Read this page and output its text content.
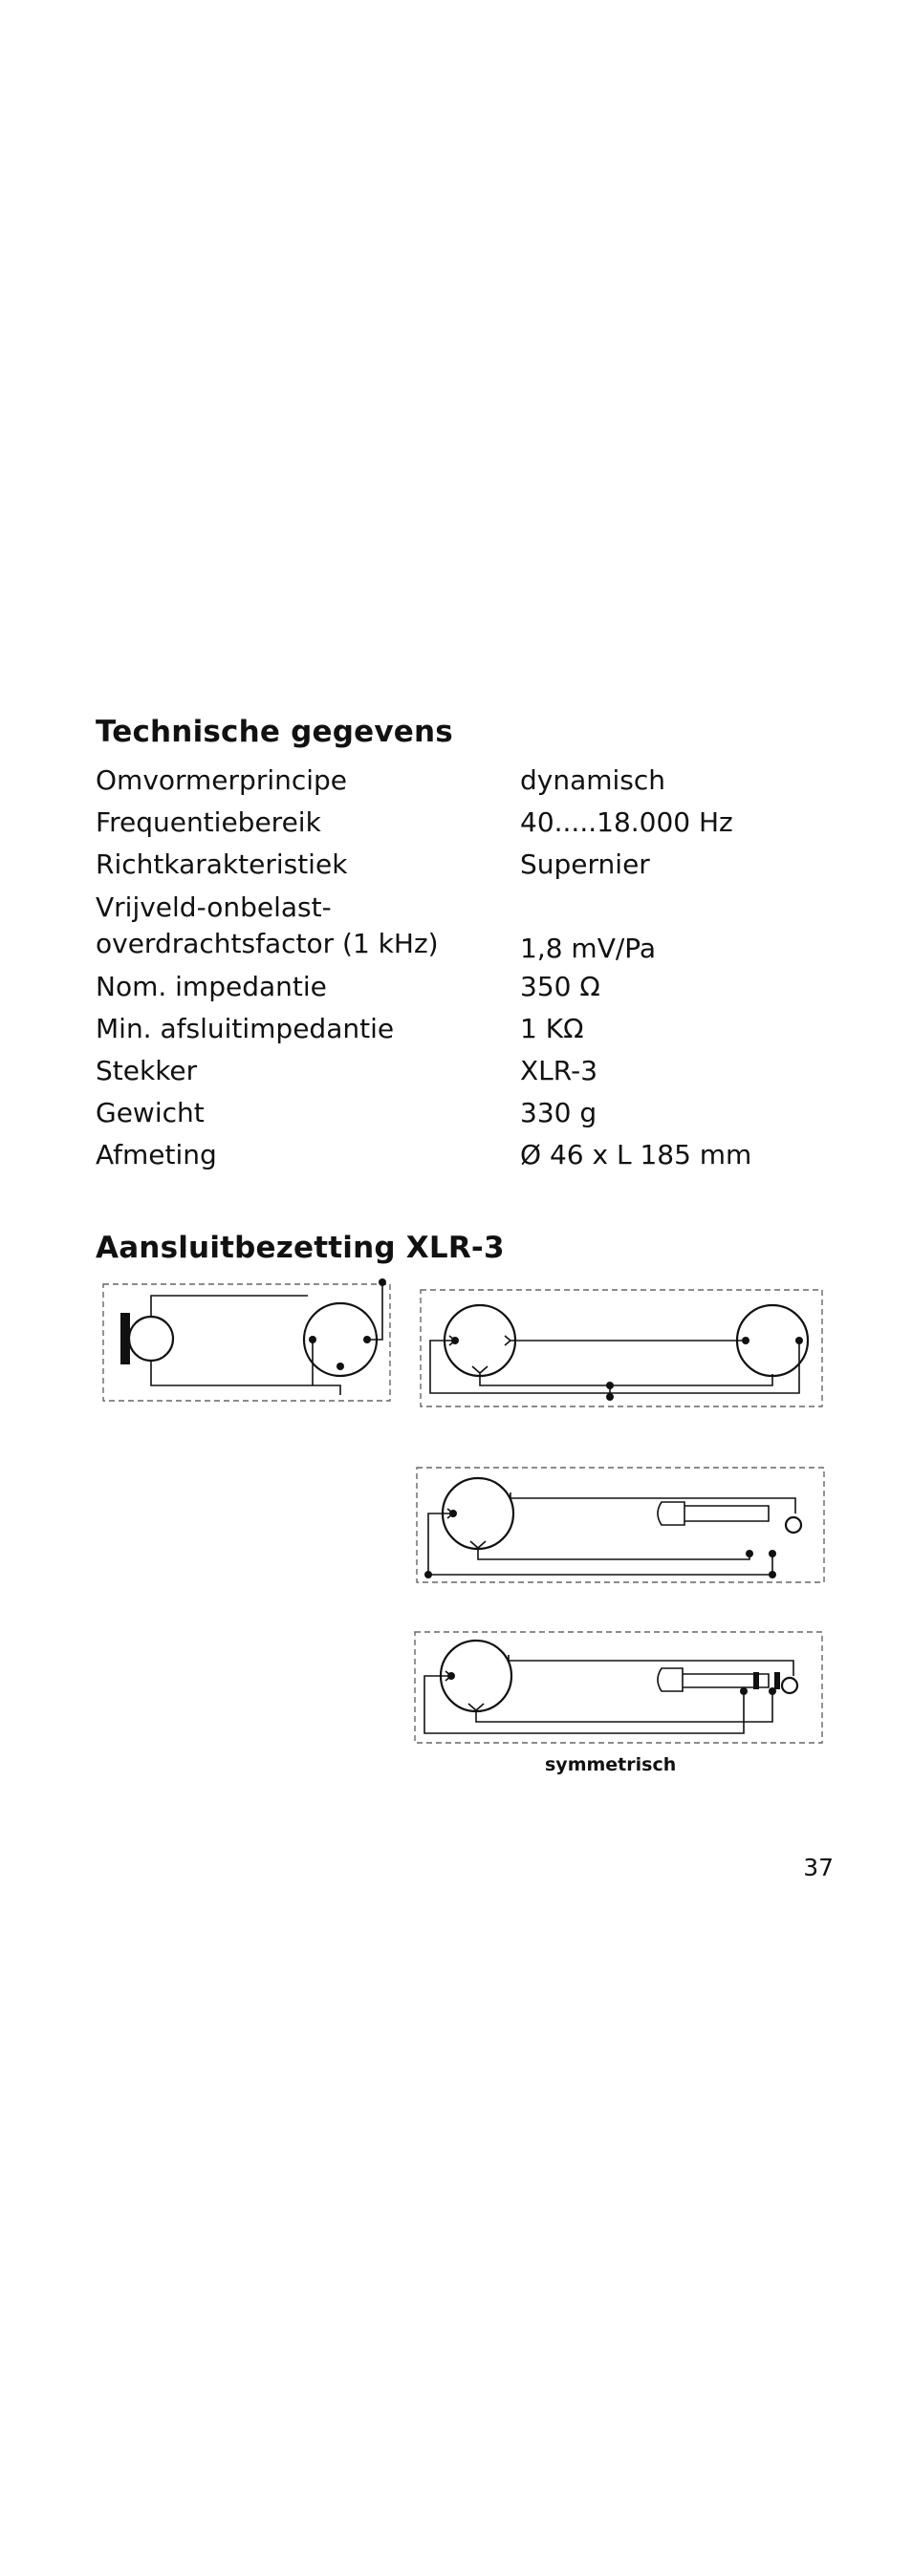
Technische gegevens
Omvormerprincipe	dynamisch
Frequentiebereik	40.....18.000 Hz
Richtkarakteristiek	Supernier
Vrijveld-onbelast-
overdrachtsfactor (1 kHz)	1,8 mV/Pa
Nom. impedantie	350 Ω
Min. afsluitimpedantie	1 KΩ
Stekker	XLR-3
Gewicht	330 g
Afmeting	Ø 46 x L 185 mm
Aansluitbezetting XLR-3
symmetrisch
37
